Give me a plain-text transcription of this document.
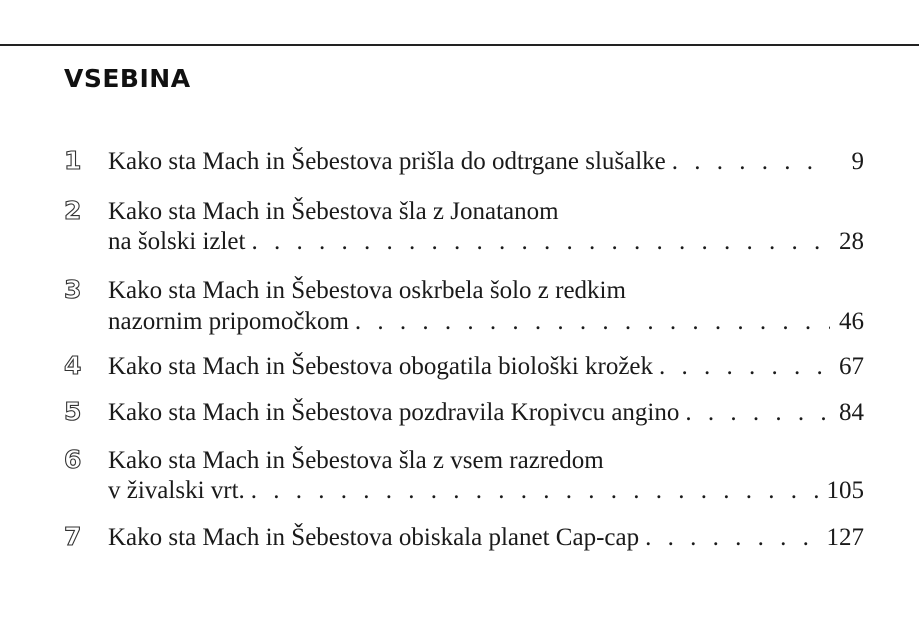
VSEBINA
1	Kako sta Mach in Šebestova prišla do odtrgane slušalke . . .	9
2	Kako sta Mach in Šebestova šla z Jonatanom
na šolski izlet . . .	28
3	Kako sta Mach in Šebestova oskrbela šolo z redkim
nazornim pripomočkom . . .	46
4	Kako sta Mach in Šebestova obogatila biološki krožek . . .	67
5	Kako sta Mach in Šebestova pozdravila Kropivcu angino . . .	84
6	Kako sta Mach in Šebestova šla z vsem razredom
v živalski vrt. . . .	105
7	Kako sta Mach in Šebestova obiskala planet Cap-cap . . .	127
